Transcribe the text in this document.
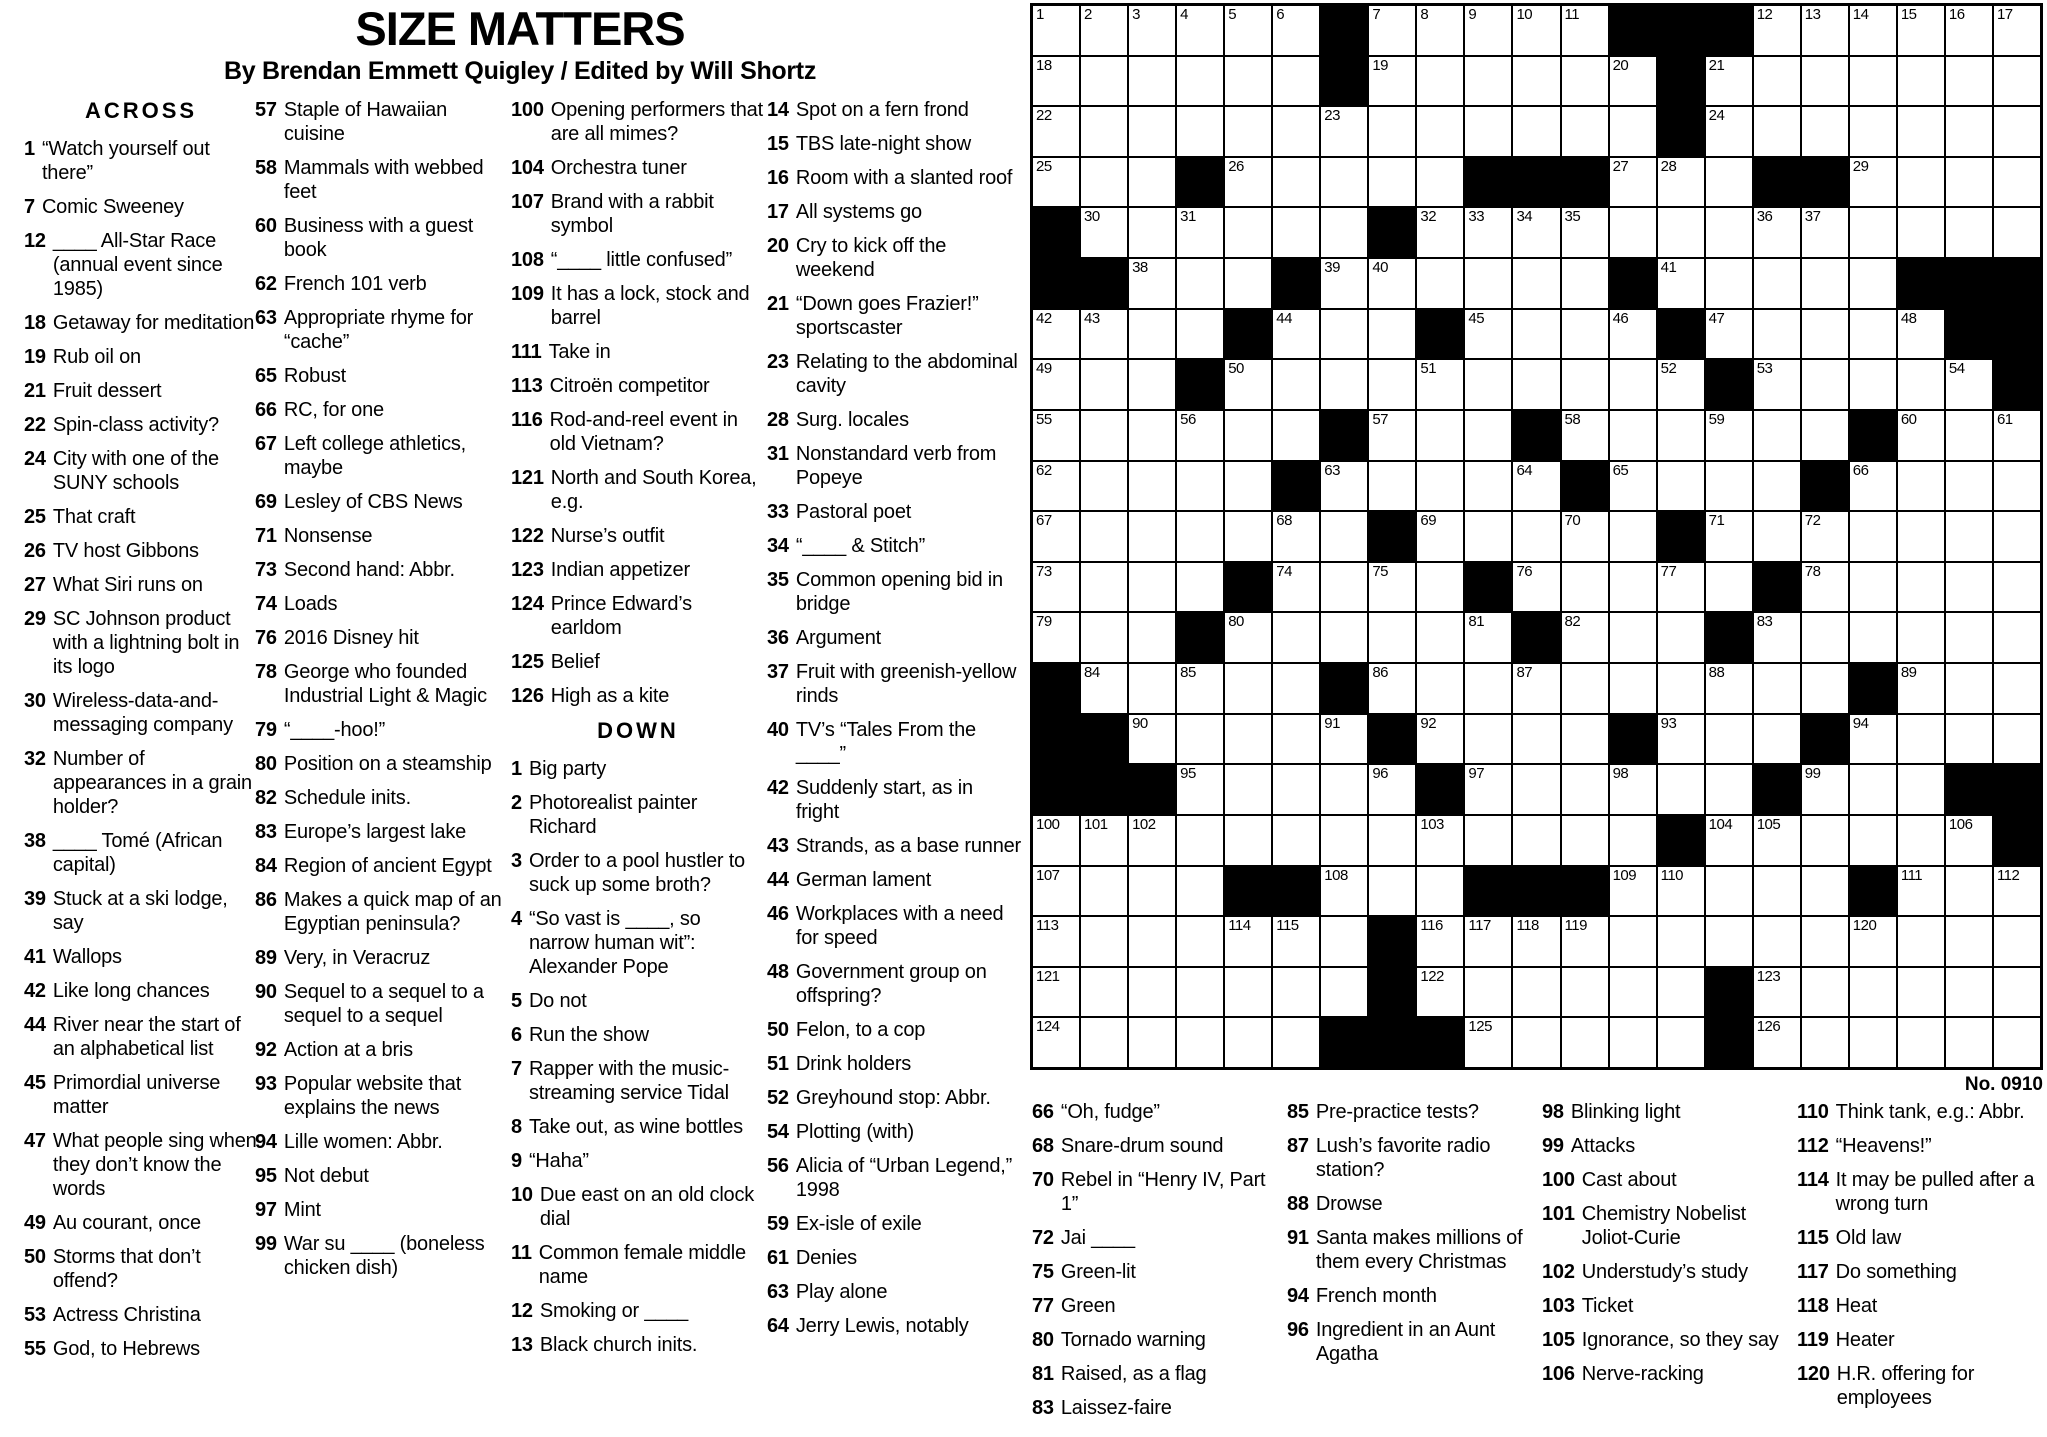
SIZE MATTERS
By Brendan Emmett Quigley / Edited by Will Shortz
ACROSS
1 “Watch yourself out there”
7 Comic Sweeney
12 ____ All-Star Race (annual event since 1985)
18 Getaway for meditation
19 Rub oil on
21 Fruit dessert
22 Spin-class activity?
24 City with one of the SUNY schools
25 That craft
26 TV host Gibbons
27 What Siri runs on
29 SC Johnson product with a lightning bolt in its logo
30 Wireless-data-and-messaging company
32 Number of appearances in a grain holder?
38 ____ Tomé (African capital)
39 Stuck at a ski lodge, say
41 Wallops
42 Like long chances
44 River near the start of an alphabetical list
45 Primordial universe matter
47 What people sing when they don’t know the words
49 Au courant, once
50 Storms that don’t offend?
53 Actress Christina
55 God, to Hebrews
57 Staple of Hawaiian cuisine
58 Mammals with webbed feet
60 Business with a guest book
62 French 101 verb
63 Appropriate rhyme for “cache”
65 Robust
66 RC, for one
67 Left college athletics, maybe
69 Lesley of CBS News
71 Nonsense
73 Second hand: Abbr.
74 Loads
76 2016 Disney hit
78 George who founded Industrial Light & Magic
79 “____-hoo!”
80 Position on a steamship
82 Schedule inits.
83 Europe’s largest lake
84 Region of ancient Egypt
86 Makes a quick map of an Egyptian peninsula?
89 Very, in Veracruz
90 Sequel to a sequel to a sequel to a sequel
92 Action at a bris
93 Popular website that explains the news
94 Lille women: Abbr.
95 Not debut
97 Mint
99 War su ____ (boneless chicken dish)
100 Opening performers that are all mimes?
104 Orchestra tuner
107 Brand with a rabbit symbol
108 “____ little confused”
109 It has a lock, stock and barrel
111 Take in
113 Citroën competitor
116 Rod-and-reel event in old Vietnam?
121 North and South Korea, e.g.
122 Nurse’s outfit
123 Indian appetizer
124 Prince Edward’s earldom
125 Belief
126 High as a kite
DOWN
1 Big party
2 Photorealist painter Richard
3 Order to a pool hustler to suck up some broth?
4 “So vast is ____, so narrow human wit”: Alexander Pope
5 Do not
6 Run the show
7 Rapper with the music-streaming service Tidal
8 Take out, as wine bottles
9 “Haha”
10 Due east on an old clock dial
11 Common female middle name
12 Smoking or ____
13 Black church inits.
14 Spot on a fern frond
15 TBS late-night show
16 Room with a slanted roof
17 All systems go
20 Cry to kick off the weekend
21 “Down goes Frazier!” sportscaster
23 Relating to the abdominal cavity
28 Surg. locales
31 Nonstandard verb from Popeye
33 Pastoral poet
34 “____ & Stitch”
35 Common opening bid in bridge
36 Argument
37 Fruit with greenish-yellow rinds
40 TV’s “Tales From the ____”
42 Suddenly start, as in fright
43 Strands, as a base runner
44 German lament
46 Workplaces with a need for speed
48 Government group on offspring?
50 Felon, to a cop
51 Drink holders
52 Greyhound stop: Abbr.
54 Plotting (with)
56 Alicia of “Urban Legend,” 1998
59 Ex-isle of exile
61 Denies
63 Play alone
64 Jerry Lewis, notably
66 “Oh, fudge”
68 Snare-drum sound
70 Rebel in “Henry IV, Part 1”
72 Jai ____
75 Green-lit
77 Green
80 Tornado warning
81 Raised, as a flag
83 Laissez-faire
85 Pre-practice tests?
87 Lush’s favorite radio station?
88 Drowse
91 Santa makes millions of them every Christmas
94 French month
96 Ingredient in an Aunt Agatha
98 Blinking light
99 Attacks
100 Cast about
101 Chemistry Nobelist Joliot-Curie
102 Understudy’s study
103 Ticket
105 Ignorance, so they say
106 Nerve-racking
110 Think tank, e.g.: Abbr.
112 “Heavens!”
114 It may be pulled after a wrong turn
115 Old law
117 Do something
118 Heat
119 Heater
120 H.R. offering for employees
1	2	3	4	5	6	7	8	9	10 11	12 13 14 15 16 17
18	19	20	21
22	23	24
25	26	27 28	29
30	31	32 33 34 35	36 37
38	39 40	41
42 43	44	45	46	47	48
49	50	51	52	53	54
55	56	57	58	59	60	61
62	63	64	65	66
67	68	69	70	71	72
73	74	75	76	77	78
79	80	81	82	83
84	85	86	87	88	89
90	91	92	93	94
95	96	97	98	99
100 101 102	103	104 105	106
107	108	109 110	111	112
113	114 115	116 117 118 119	120
121	122	123
124	125	126
No. 0910
